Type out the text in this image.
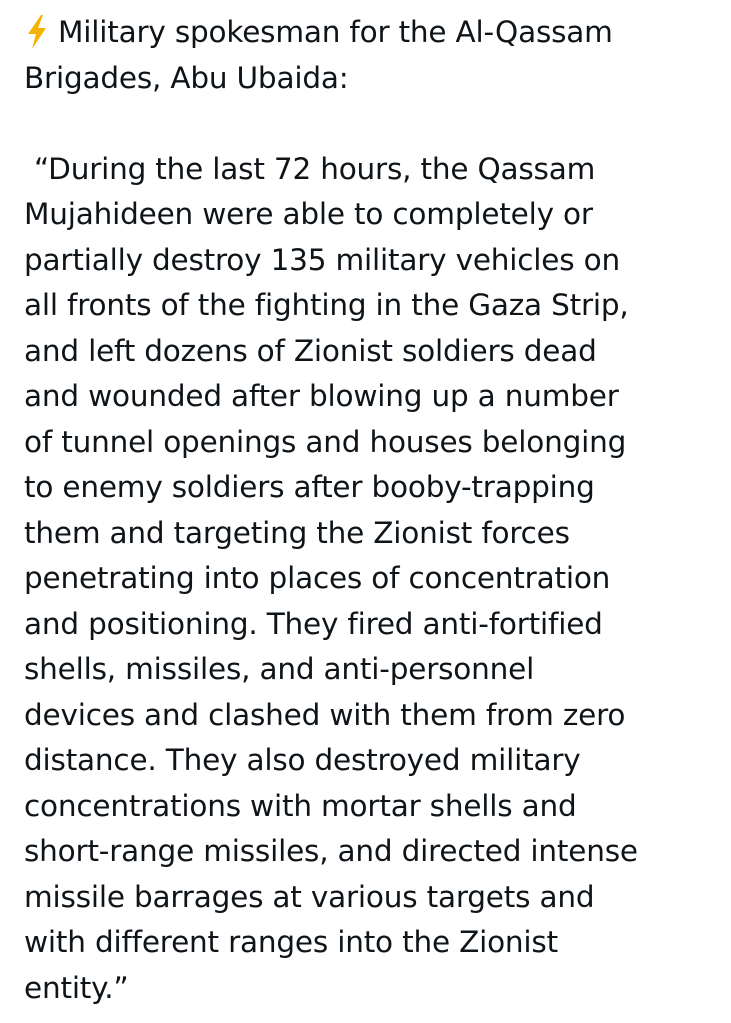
Military spokesman for the Al-Qassam
Brigades, Abu Ubaida:
“During the last 72 hours, the Qassam
Mujahideen were able to completely or
partially destroy 135 military vehicles on
all fronts of the fighting in the Gaza Strip,
and left dozens of Zionist soldiers dead
and wounded after blowing up a number
of tunnel openings and houses belonging
to enemy soldiers after booby-trapping
them and targeting the Zionist forces
penetrating into places of concentration
and positioning. They fired anti-fortified
shells, missiles, and anti-personnel
devices and clashed with them from zero
distance. They also destroyed military
concentrations with mortar shells and
short-range missiles, and directed intense
missile barrages at various targets and
with different ranges into the Zionist
entity.”
